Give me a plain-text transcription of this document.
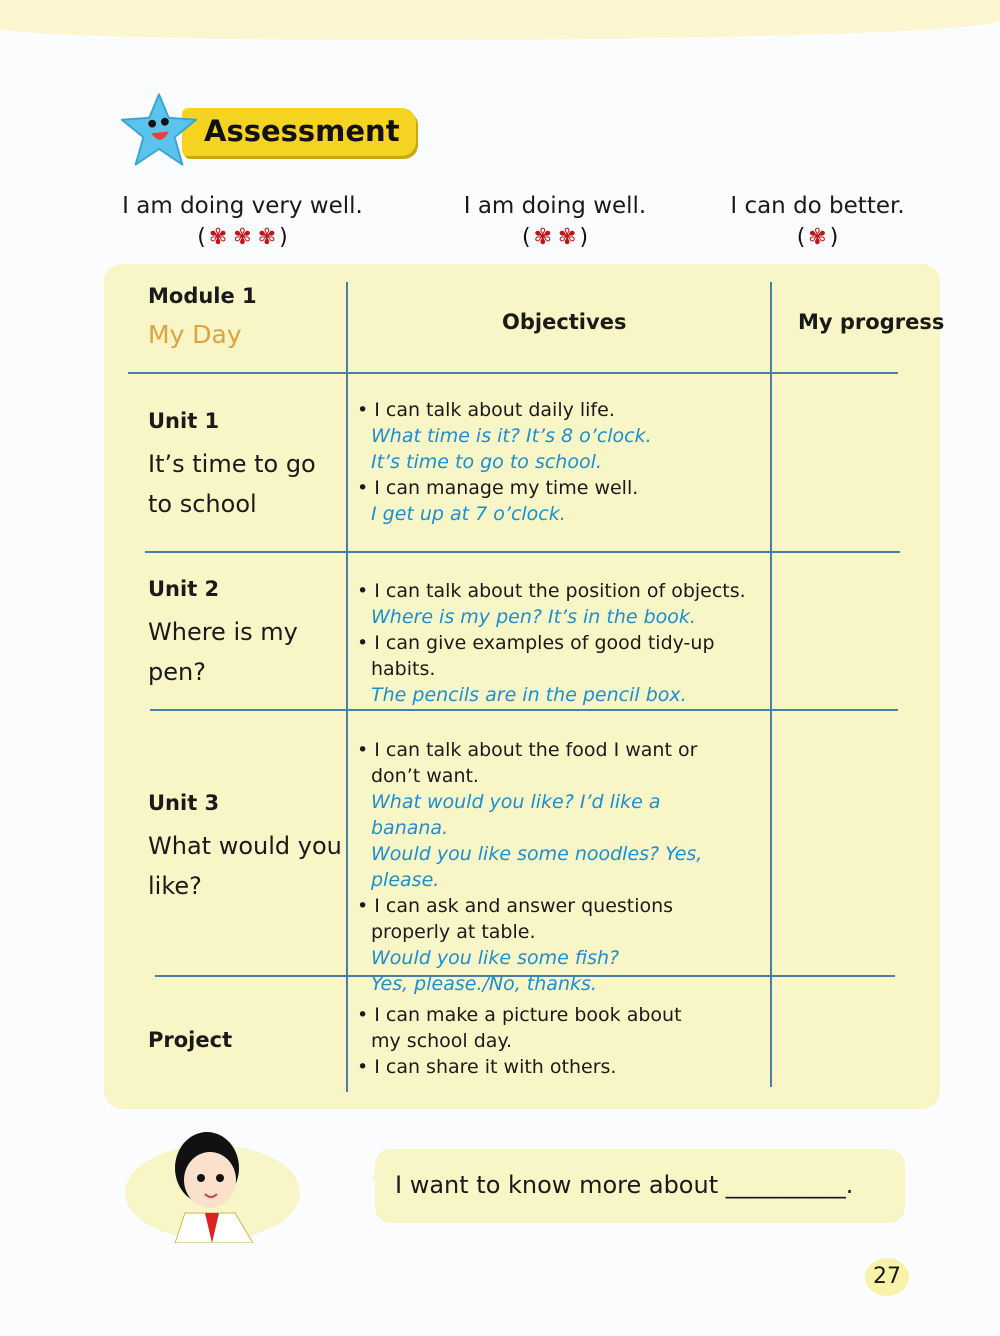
Assessment
I am doing very well.
( ✾ ✾ ✾ )
I am doing well.
( ✾ ✾ )
I can do better.
( ✾ )
Module 1
My Day	Objectives	My progress
Unit 1
It’s time to go to school
Unit 2
Where is my pen?
Unit 3
What would you like?
Project
• I can talk about daily life.
What time is it? It’s 8 o’clock.
It’s time to go to school.
• I can manage my time well.
I get up at 7 o’clock.
• I can talk about the position of objects.
Where is my pen? It’s in the book.
• I can give examples of good tidy-up habits.
The pencils are in the pencil box.
• I can talk about the food I want or don’t want.
What would you like? I’d like a banana.
Would you like some noodles? Yes, please.
• I can ask and answer questions properly at table.
Would you like some fish?
Yes, please./No, thanks.
• I can make a picture book about my school day.
• I can share it with others.
I want to know more about __________.
27
